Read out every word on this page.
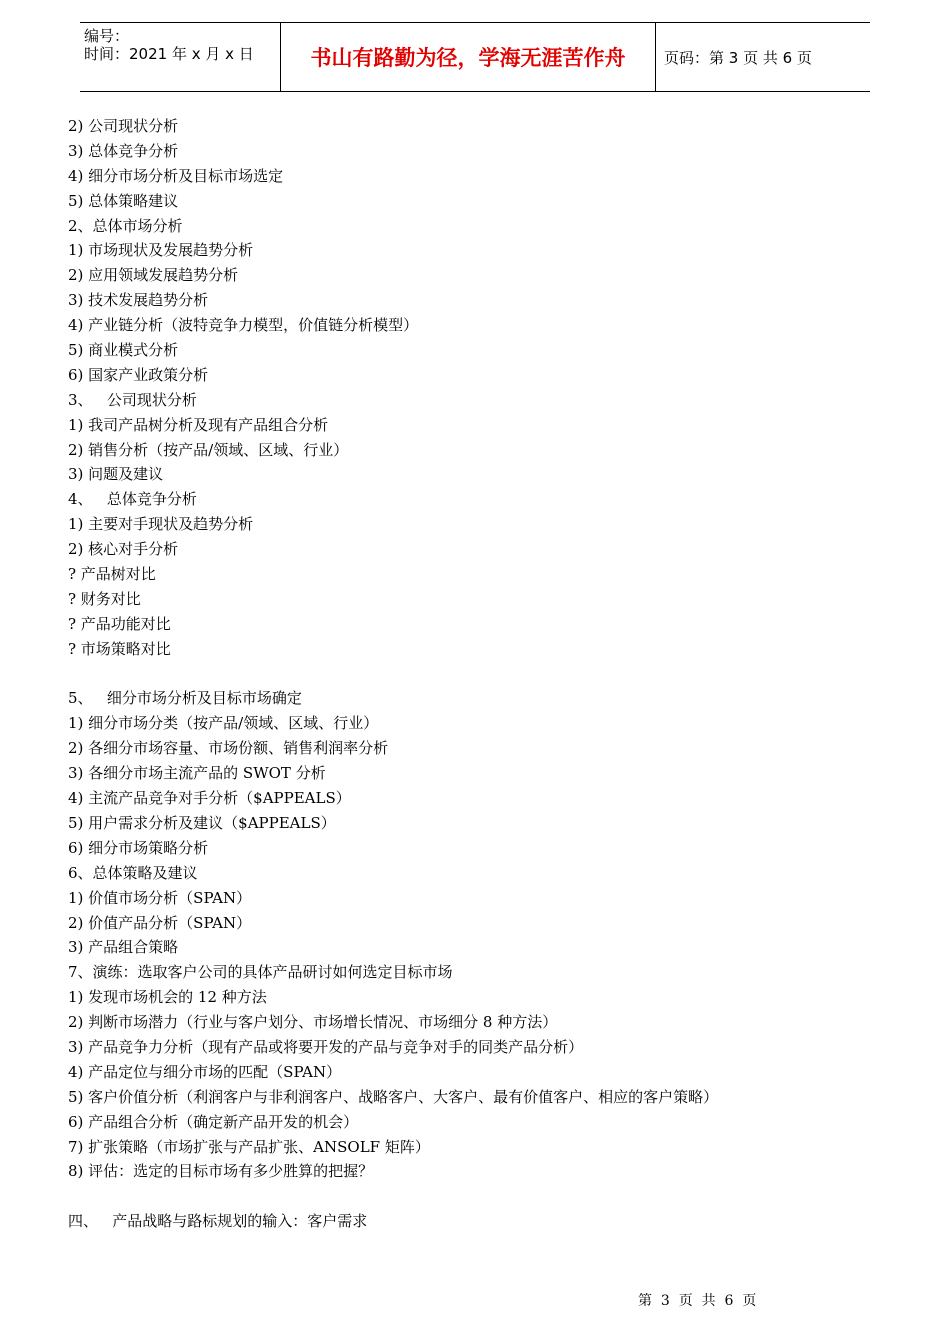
编号：
时间：2021 年 x 月 x 日	书山有路勤为径，学海无涯苦作舟	页码：第 3 页 共 6 页
2) 公司现状分析
3) 总体竞争分析
4) 细分市场分析及目标市场选定
5) 总体策略建议
2、总体市场分析
1) 市场现状及发展趋势分析
2) 应用领域发展趋势分析
3) 技术发展趋势分析
4) 产业链分析（波特竞争力模型，价值链分析模型）
5) 商业模式分析
6) 国家产业政策分析
3、   公司现状分析
1) 我司产品树分析及现有产品组合分析
2) 销售分析（按产品/领域、区域、行业）
3) 问题及建议
4、   总体竞争分析
1) 主要对手现状及趋势分析
2) 核心对手分析
? 产品树对比
? 财务对比
? 产品功能对比
? 市场策略对比
5、   细分市场分析及目标市场确定
1) 细分市场分类（按产品/领域、区域、行业）
2) 各细分市场容量、市场份额、销售利润率分析
3) 各细分市场主流产品的 SWOT 分析
4) 主流产品竞争对手分析（$APPEALS）
5) 用户需求分析及建议（$APPEALS）
6) 细分市场策略分析
6、总体策略及建议
1) 价值市场分析（SPAN）
2) 价值产品分析（SPAN）
3) 产品组合策略
7、演练：选取客户公司的具体产品研讨如何选定目标市场
1) 发现市场机会的 12 种方法
2) 判断市场潜力（行业与客户划分、市场增长情况、市场细分 8 种方法）
3) 产品竞争力分析（现有产品或将要开发的产品与竞争对手的同类产品分析）
4) 产品定位与细分市场的匹配（SPAN）
5) 客户价值分析（利润客户与非利润客户、战略客户、大客户、最有价值客户、相应的客户策略）
6) 产品组合分析（确定新产品开发的机会）
7) 扩张策略（市场扩张与产品扩张、ANSOLF 矩阵）
8) 评估：选定的目标市场有多少胜算的把握？
四、   产品战略与路标规划的输入：客户需求
第  3  页  共  6  页
